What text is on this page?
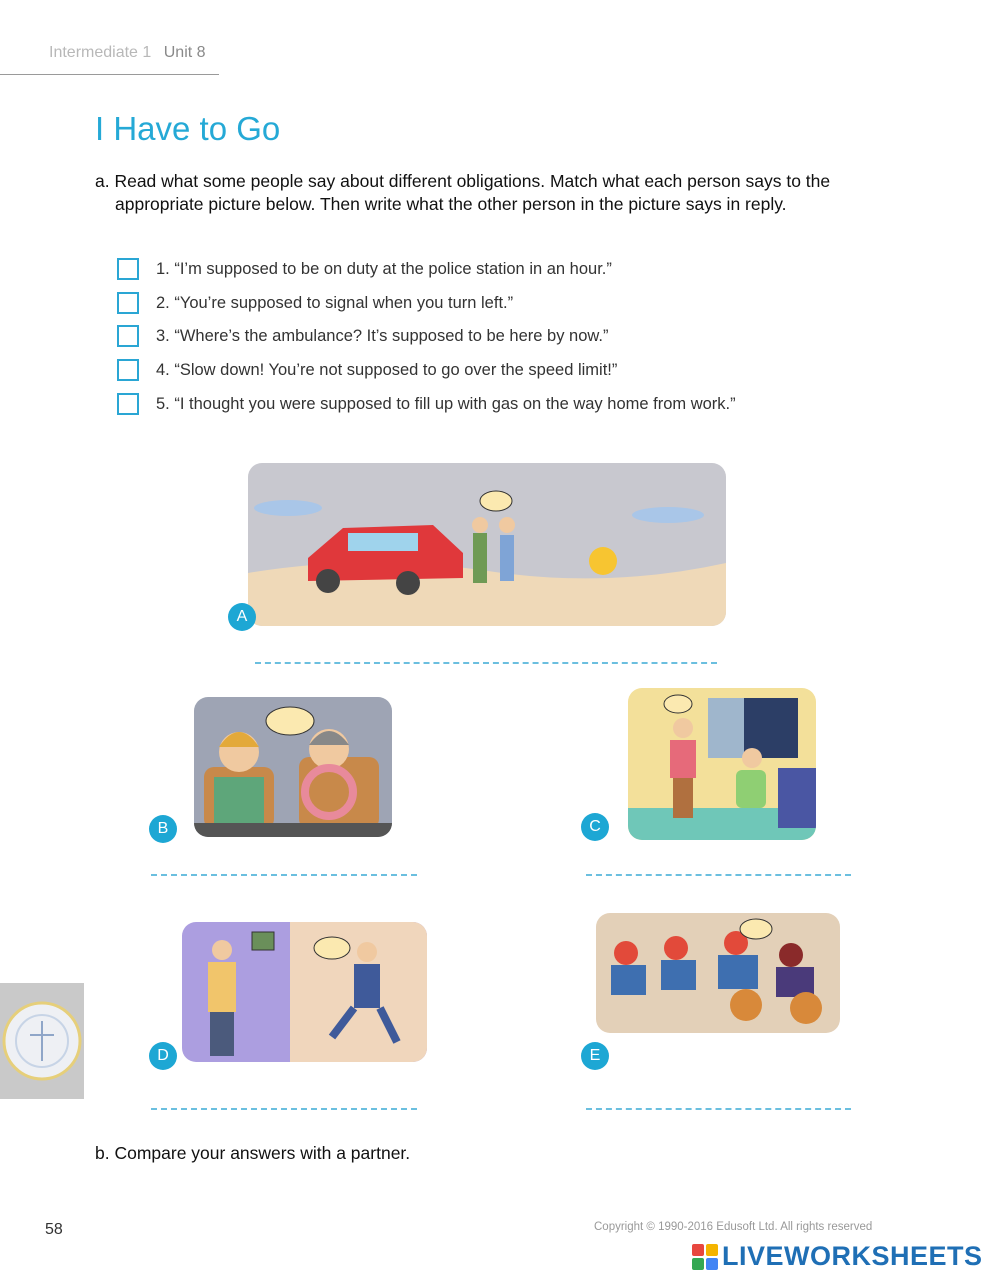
Intermediate 1 Unit 8
I Have to Go
a. Read what some people say about different obligations. Match what each person says to the appropriate picture below. Then write what the other person in the picture says in reply.
1. “I’m supposed to be on duty at the police station in an hour.”
2. “You’re supposed to signal when you turn left.”
3. “Where’s the ambulance? It’s supposed to be here by now.”
4. “Slow down! You’re not supposed to go over the speed limit!”
5. “I thought you were supposed to fill up with gas on the way home from work.”
A
B	C
D	E
b. Compare your answers with a partner.
58	Copyright © 1990-2016 Edusoft Ltd. All rights reserved
LIVEWORKSHEETS
